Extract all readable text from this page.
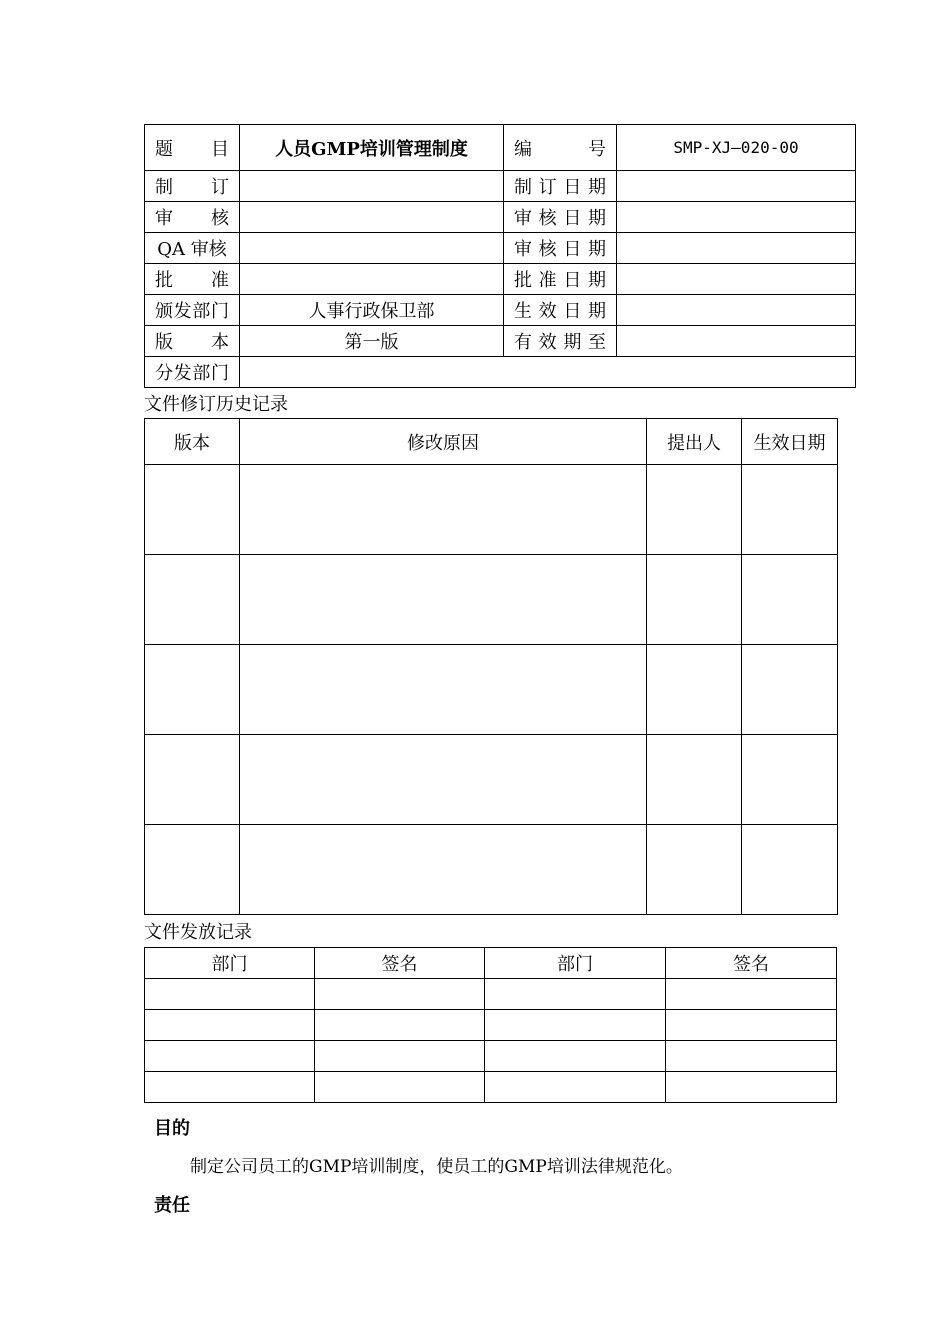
题目	人员GMP培训管理制度	编号	SMP-XJ—020-00
制订		制订日期	
审核		审核日期	
QA 审核		审核日期	
批准		批准日期	
颁发部门	人事行政保卫部	生效日期	
版本	第一版	有效期至	
分发部门			
文件修订历史记录
版本	修改原因	提出人	生效日期

文件发放记录
部门	签名	部门	签名

目的
制定公司员工的GMP培训制度，使员工的GMP培训法律规范化。
责任
